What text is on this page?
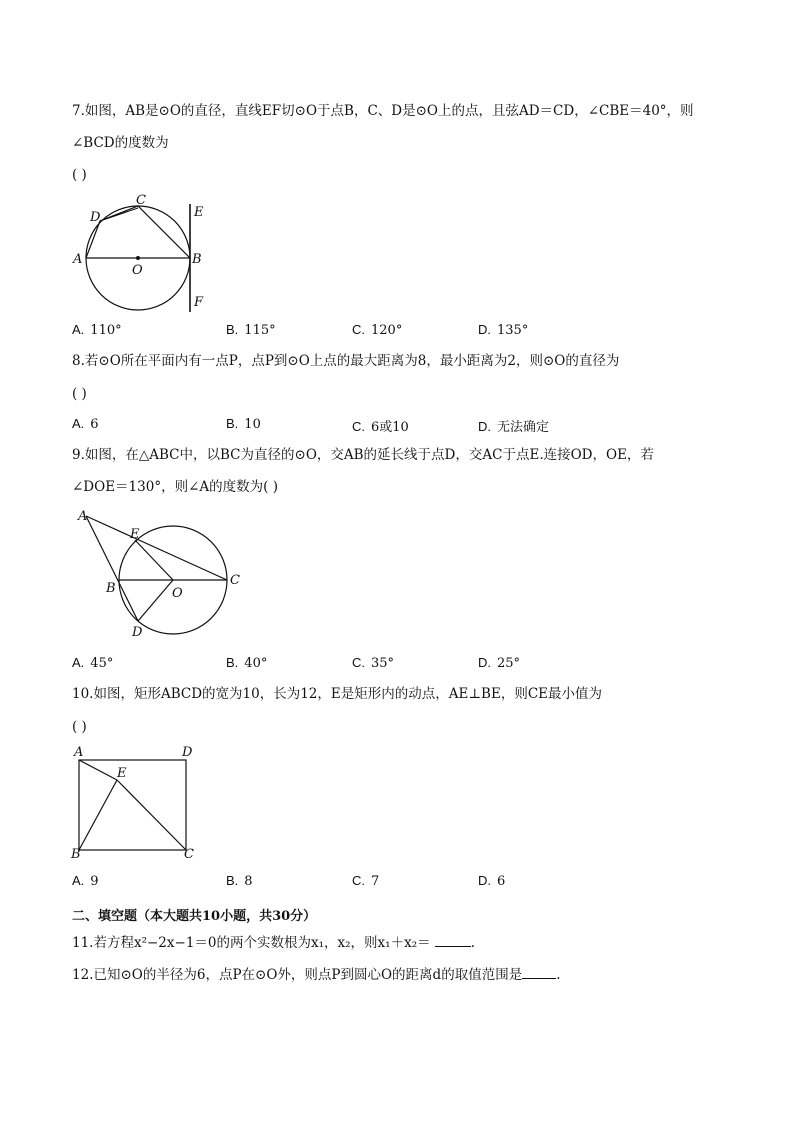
7.如图，AB是⊙O的直径，直线EF切⊙O于点B，C、D是⊙O上的点，且弦AD＝CD，∠CBE＝40°，则
∠BCD的度数为
( )
A
D
C
O
B
E
F
A. 110°	B. 115°	C. 120°	D. 135°
8.若⊙O所在平面内有一点P，点P到⊙O上点的最大距离为8，最小距离为2，则⊙O的直径为
( )
A. 6	B. 10	C. 6或10	D. 无法确定
9.如图，在△ABC中，以BC为直径的⊙O，交AB的延长线于点D，交AC于点E.连接OD，OE，若
∠DOE＝130°，则∠A的度数为( )
A
E
B	O
C
D
A. 45°	B. 40°	C. 35°	D. 25°
10.如图，矩形ABCD的宽为10，长为12，E是矩形内的动点，AE⊥BE，则CE最小值为
( )
A	D
E
B	C
A. 9	B. 8	C. 7	D. 6
二、填空题（本大题共10小题，共30分）
11.若方程x²−2x−1＝0的两个实数根为x₁，x₂，则x₁＋x₂＝	.
12.已知⊙O的半径为6，点P在⊙O外，则点P到圆心O的距离d的取值范围是	.
